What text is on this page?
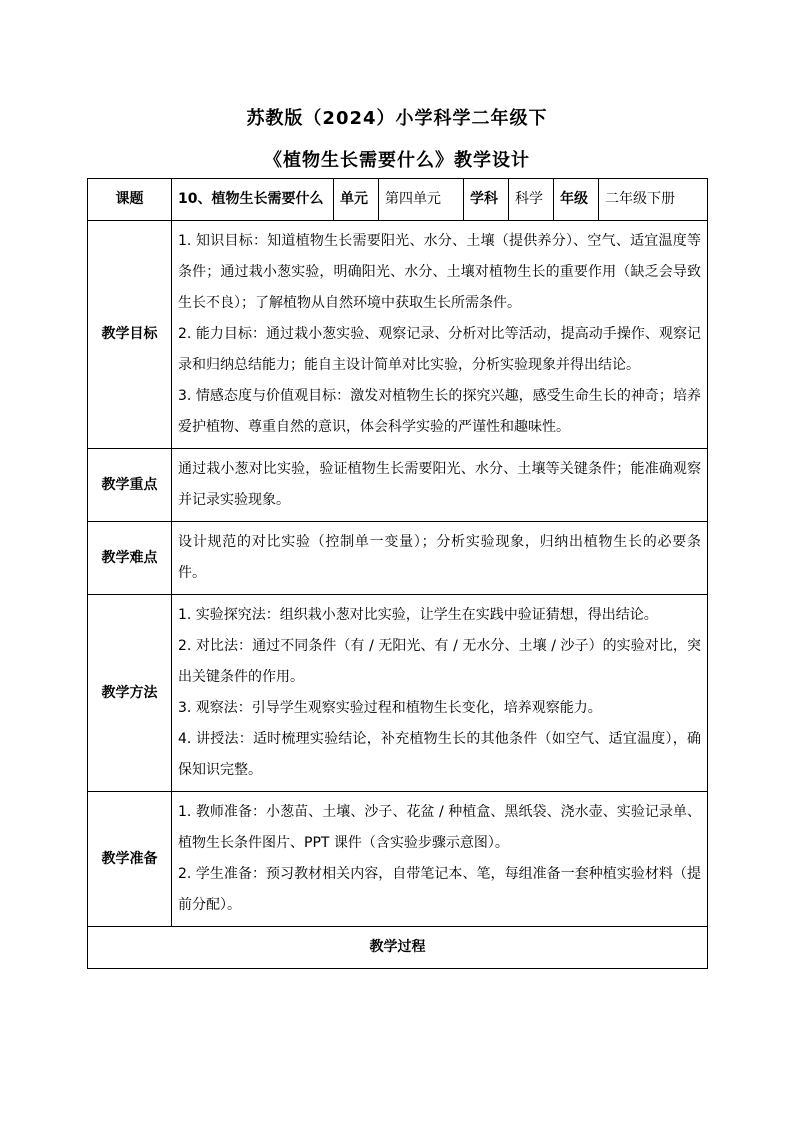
苏教版（2024）小学科学二年级下
《植物生长需要什么》教学设计
课题	10、植物生长需要什么	单元	第四单元	学科	科学	年级	二年级下册
教学目标	1. 知识目标：知道植物生长需要阳光、水分、土壤（提供养分）、空气、适宜温度等条件；通过栽小葱实验，明确阳光、水分、土壤对植物生长的重要作用（缺乏会导致生长不良）；了解植物从自然环境中获取生长所需条件。

2. 能力目标：通过栽小葱实验、观察记录、分析对比等活动，提高动手操作、观察记录和归纳总结能力；能自主设计简单对比实验，分析实验现象并得出结论。

3. 情感态度与价值观目标：激发对植物生长的探究兴趣，感受生命生长的神奇；培养爱护植物、尊重自然的意识，体会科学实验的严谨性和趣味性。						

教学重点	通过栽小葱对比实验，验证植物生长需要阳光、水分、土壤等关键条件；能准确观察并记录实验现象。						

教学难点	设计规范的对比实验（控制单一变量）；分析实验现象，归纳出植物生长的必要条件。						

教学方法	1. 实验探究法：组织栽小葱对比实验，让学生在实践中验证猜想，得出结论。

2. 对比法：通过不同条件（有 / 无阳光、有 / 无水分、土壤 / 沙子）的实验对比，突出关键条件的作用。

3. 观察法：引导学生观察实验过程和植物生长变化，培养观察能力。

4. 讲授法：适时梳理实验结论，补充植物生长的其他条件（如空气、适宜温度），确保知识完整。						

教学准备	1. 教师准备：小葱苗、土壤、沙子、花盆 / 种植盒、黑纸袋、浇水壶、实验记录单、植物生长条件图片、PPT 课件（含实验步骤示意图）。

2. 学生准备：预习教材相关内容，自带笔记本、笔，每组准备一套种植实验材料（提前分配）。						

教学过程							
